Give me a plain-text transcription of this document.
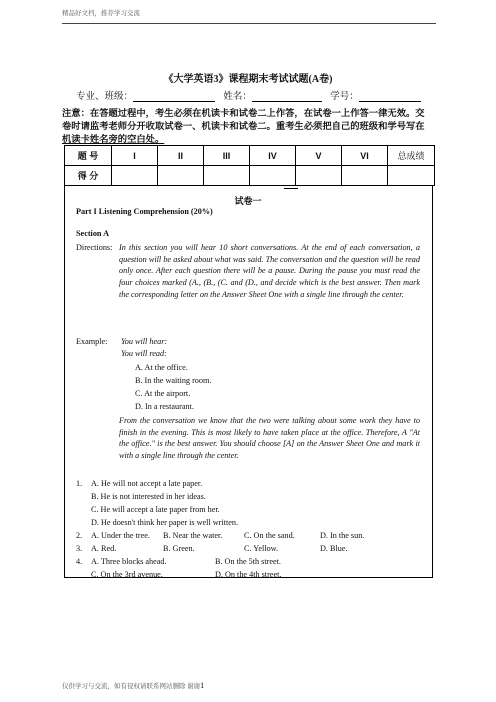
精品好文档，推荐学习交流
《大学英语3》课程期末考试试题(A卷)
专业、班级：	姓名：	学号：
注意：在答题过程中，考生必须在机读卡和试卷二上作答，在试卷一上作答一律无效。交
卷时请监考老师分开收取试卷一、机读卡和试卷二。重考生必须把自己的班级和学号写在
机读卡姓名旁的空白处。
题 号	I	II	III	IV	V	VI	总成绩
得 分							
试卷一
Part I Listening Comprehension (20%)
Section A
Directions: In this section you will hear 10 short conversations. At the end of each conversation, a question will be asked about what was said. The conversation and the question will be read only once. After each question there will be a pause. During the pause you must read the four choices marked (A., (B., (C. and (D., and decide which is the best answer. Then mark the corresponding letter on the Answer Sheet One with a single line through the center.
Example: You will hear:
You will read:
A. At the office.
B. In the waiting room.
C. At the airport.
D. In a restaurant.
From the conversation we know that the two were talking about some work they have to finish in the evening. This is most likely to have taken place at the office. Therefore, A "At the office." is the best answer. You should choose [A] on the Answer Sheet One and mark it with a single line through the center.
1. A. He will not accept a late paper.
B. He is not interested in her ideas.
C. He will accept a late paper from her.
D. He doesn't think her paper is well written.
2. A. Under the tree. B. Near the water.	C. On the sand.	D. In the sun.
3. A. Red.	B. Green.	C. Yellow.	D. Blue.
4. A. Three blocks ahead.	B. On the 5th street.
C. On the 3rd avenue.	D. On the 4th street.
仅供学习与交流，如有侵权请联系网站删除 谢谢1
